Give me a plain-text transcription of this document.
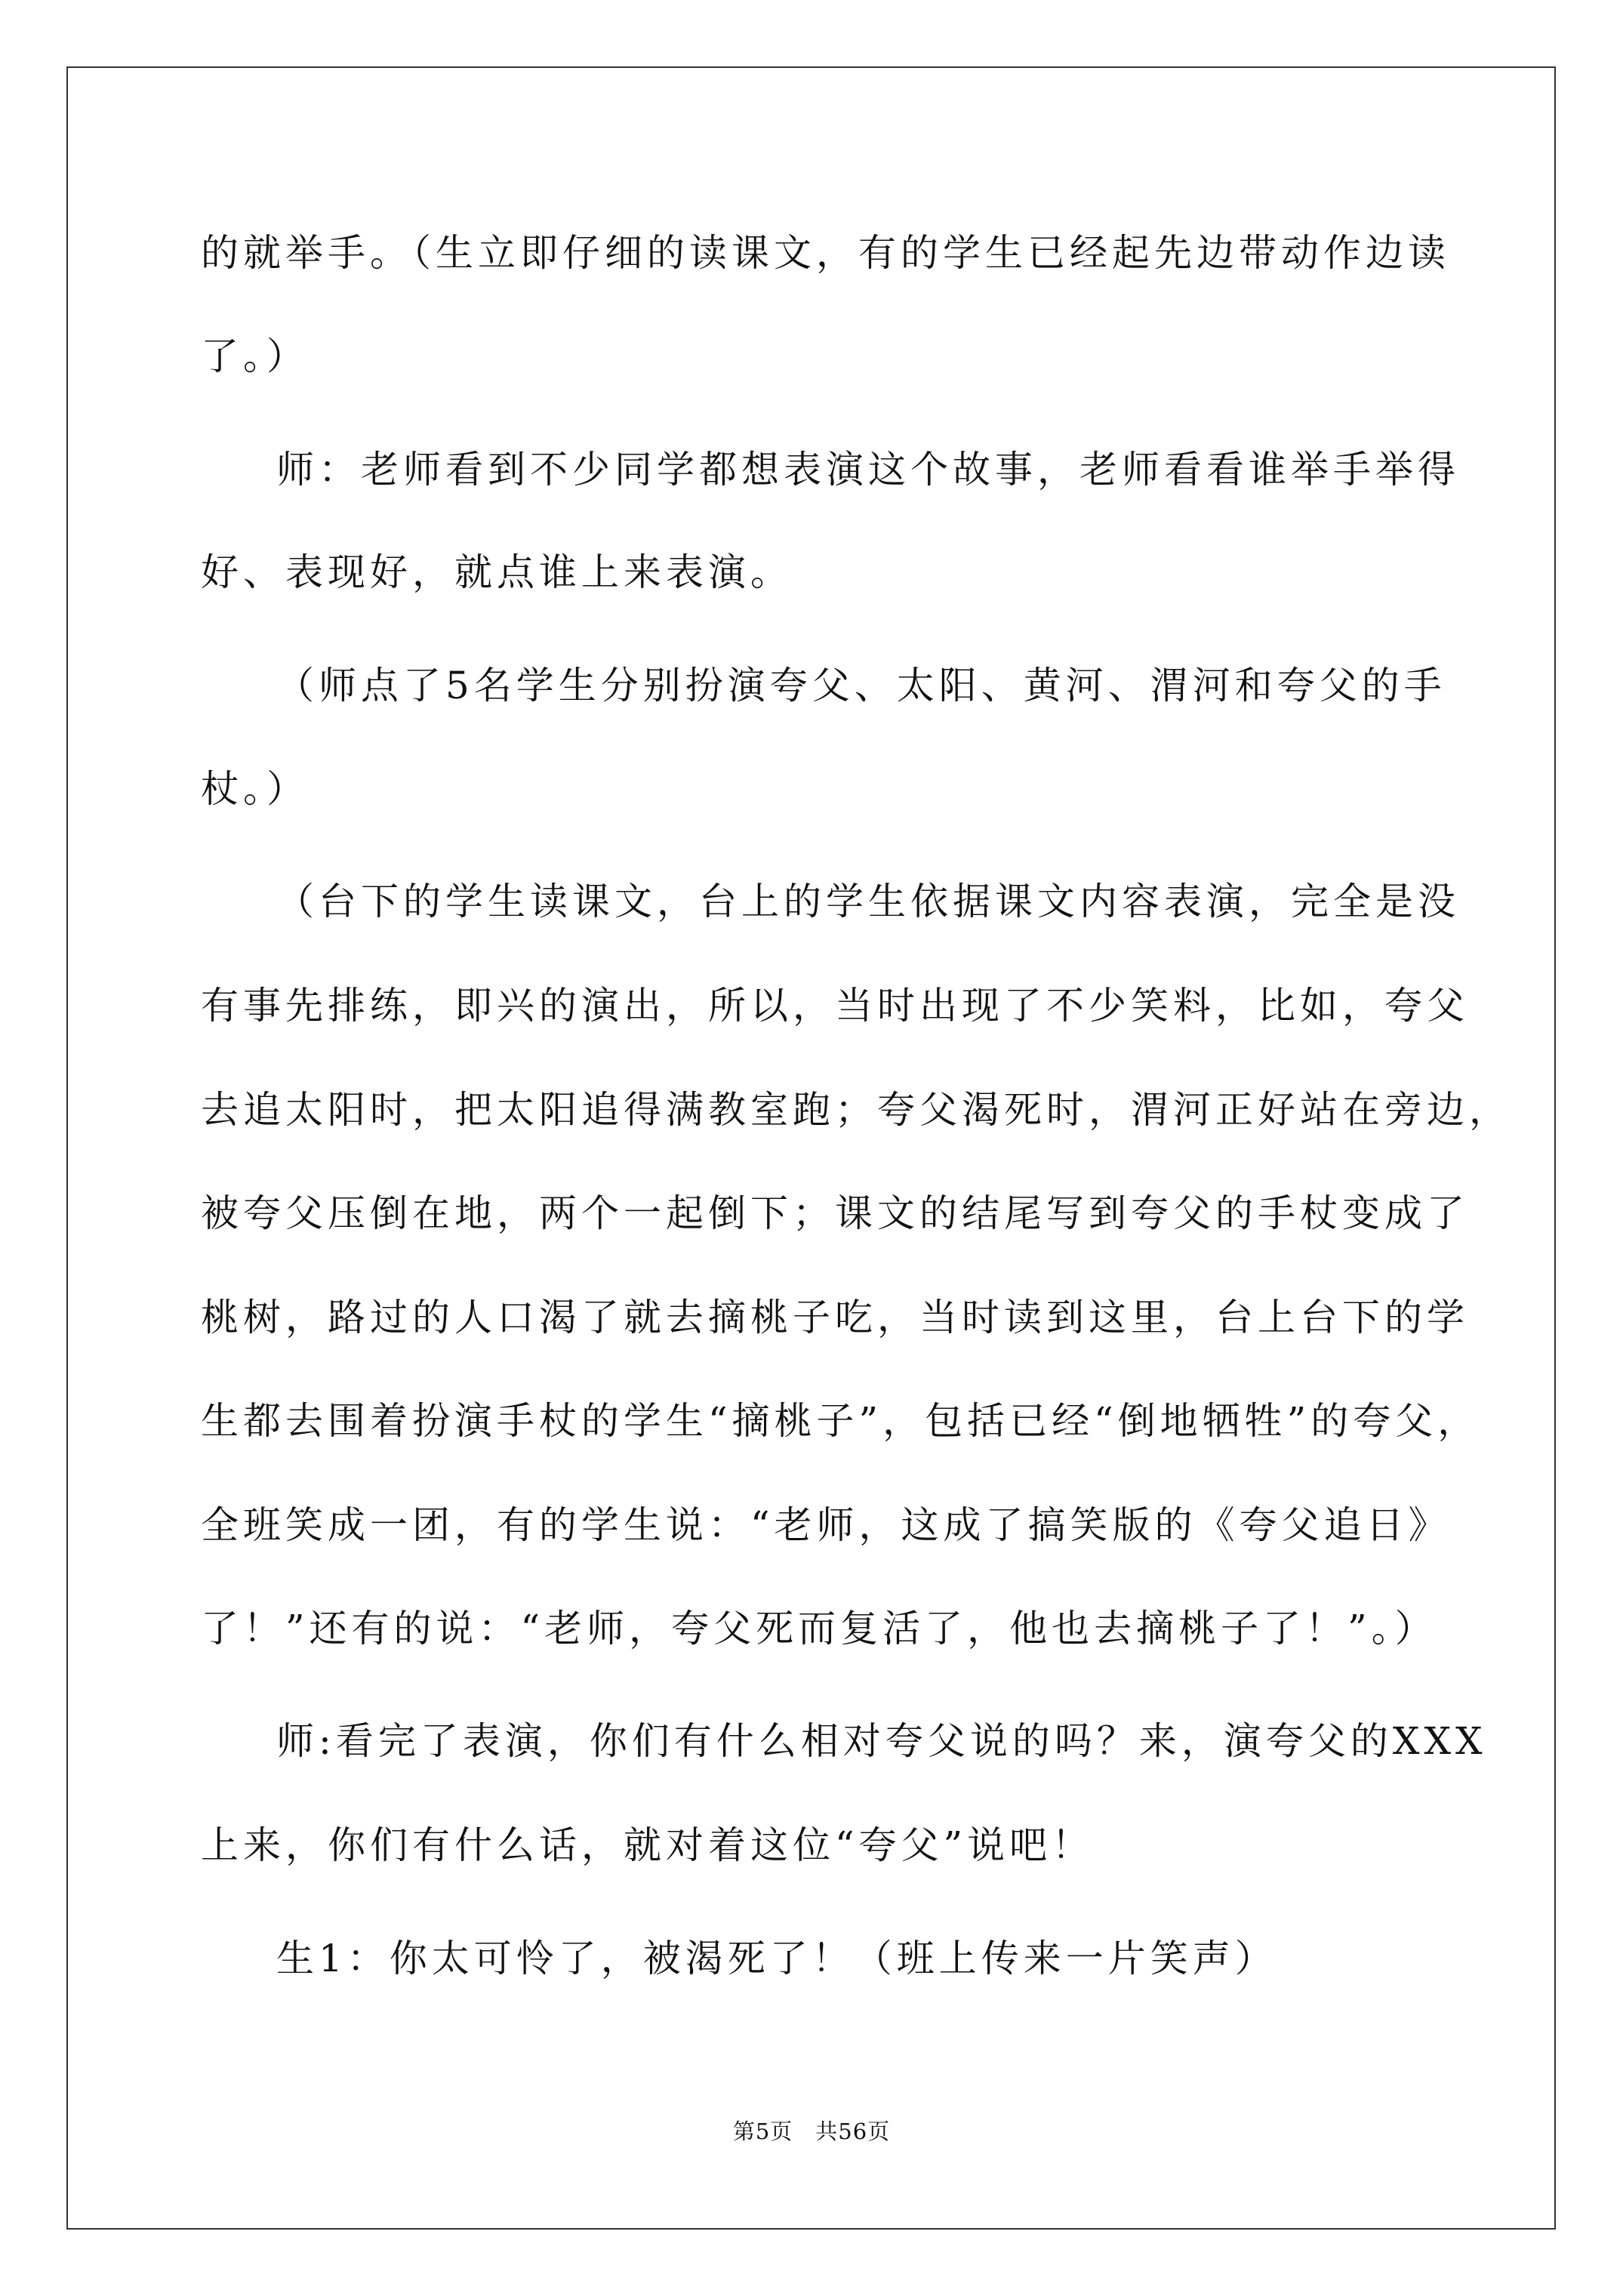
的就举手。（生立即仔细的读课文，有的学生已经起先边带动作边读
了。）
师：老师看到不少同学都想表演这个故事，老师看看谁举手举得
好、表现好，就点谁上来表演。
（师点了5名学生分别扮演夸父、太阳、黄河、渭河和夸父的手
杖。）
（台下的学生读课文，台上的学生依据课文内容表演，完全是没
有事先排练，即兴的演出，所以，当时出现了不少笑料，比如，夸父
去追太阳时，把太阳追得满教室跑；夸父渴死时，渭河正好站在旁边，
被夸父压倒在地，两个一起倒下；课文的结尾写到夸父的手杖变成了
桃树，路过的人口渴了就去摘桃子吃，当时读到这里，台上台下的学
生都去围着扮演手杖的学生“摘桃子”，包括已经“倒地牺牲”的夸父，
全班笑成一团，有的学生说：“老师，这成了搞笑版的《夸父追日》
了！”还有的说：“老师，夸父死而复活了，他也去摘桃子了！”。）
师:看完了表演，你们有什么相对夸父说的吗？来，演夸父的XXX
上来，你们有什么话，就对着这位“夸父”说吧！
生1：你太可怜了，被渴死了！（班上传来一片笑声）
第5页　共56页
